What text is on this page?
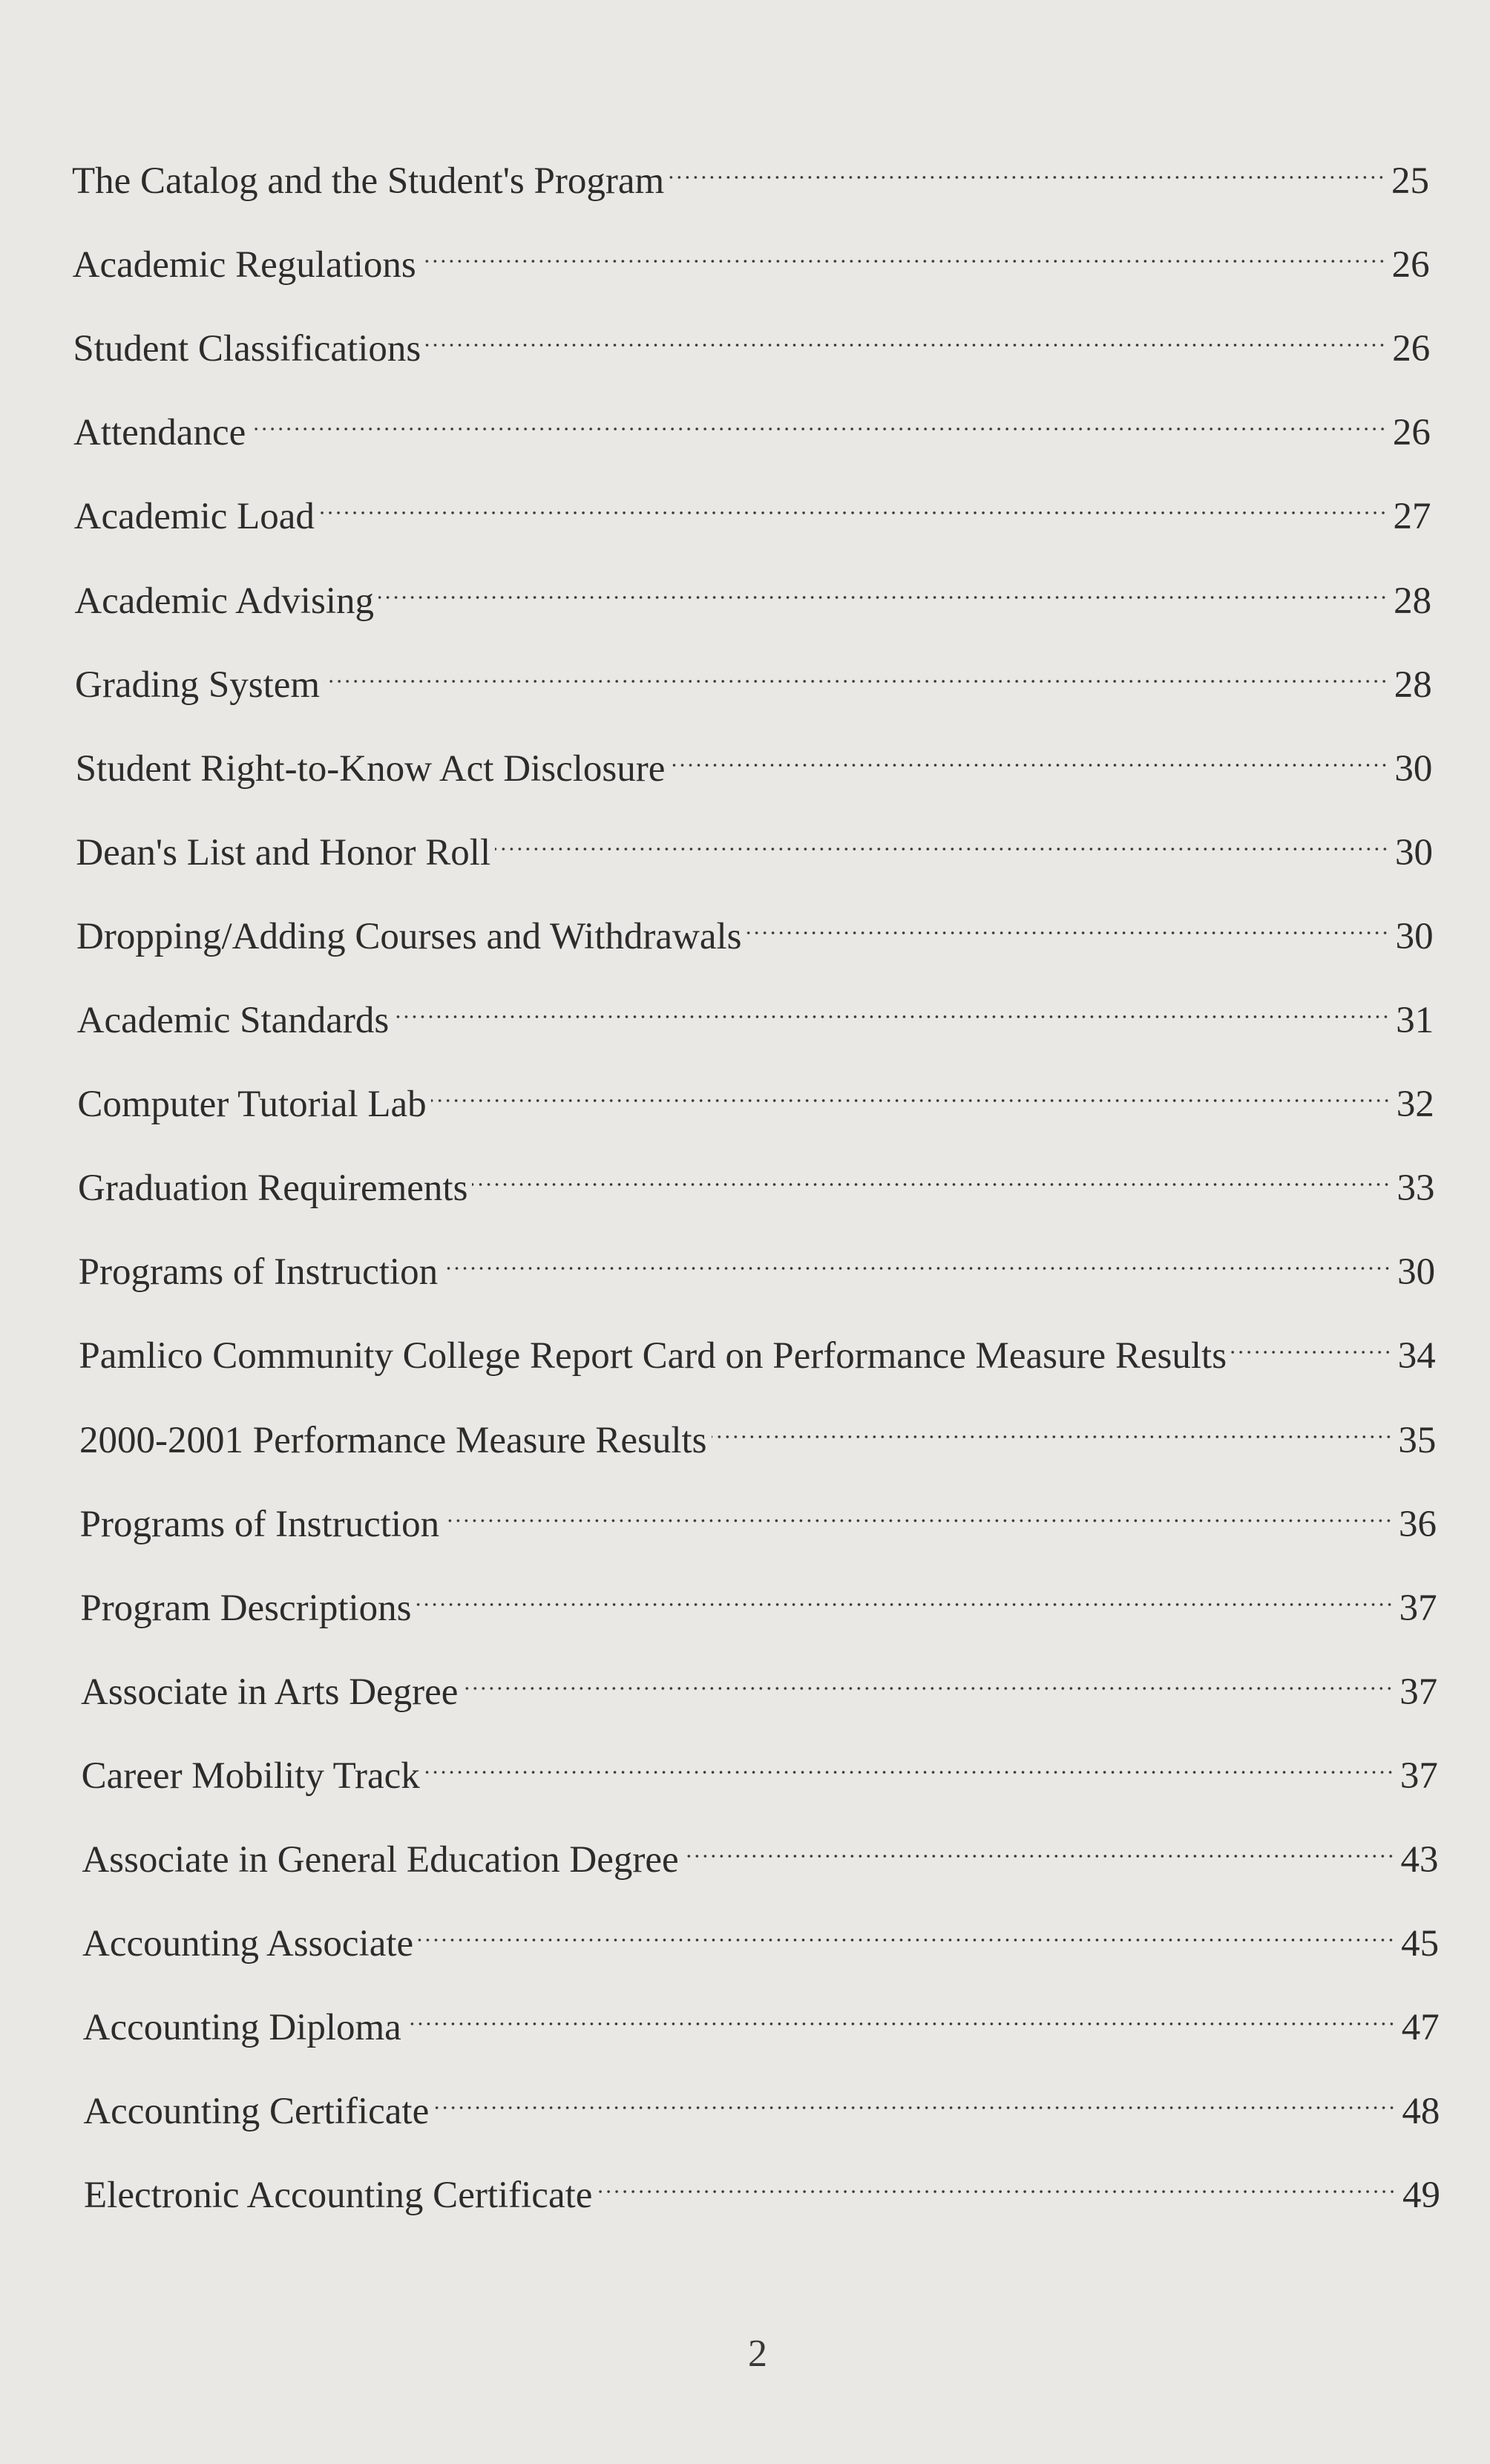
The Catalog and the Student's Program	25
Academic Regulations	26
Student Classifications	26
Attendance	26
Academic Load	27
Academic Advising	28
Grading System	28
Student Right-to-Know Act Disclosure	30
Dean's List and Honor Roll	30
Dropping/Adding Courses and Withdrawals	30
Academic Standards	31
Computer Tutorial Lab	32
Graduation Requirements	33
Programs of Instruction	30
Pamlico Community College Report Card on Performance Measure Results	34
2000-2001 Performance Measure Results	35
Programs of Instruction	36
Program Descriptions	37
Associate in Arts Degree	37
Career Mobility Track	37
Associate in General Education Degree	43
Accounting Associate	45
Accounting Diploma	47
Accounting Certificate	48
Electronic Accounting Certificate	49
2
